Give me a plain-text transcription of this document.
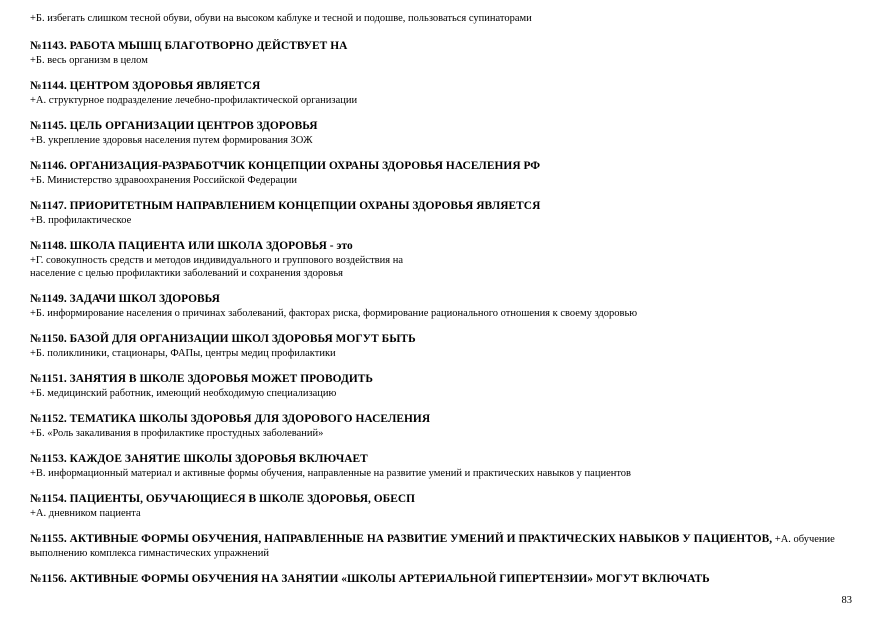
+Б. избегать слишком тесной обуви, обуви на высоком каблуке и тесной и подошве, пользоваться супинаторами
№1143. РАБОТА МЫШЦ БЛАГОТВОРНО ДЕЙСТВУЕТ НА
+Б. весь организм в целом
№1144. ЦЕНТРОМ ЗДОРОВЬЯ ЯВЛЯЕТСЯ
+А. структурное подразделение лечебно-профилактической организации
№1145. ЦЕЛЬ ОРГАНИЗАЦИИ ЦЕНТРОВ ЗДОРОВЬЯ
+В. укрепление здоровья населения путем формирования ЗОЖ
№1146. ОРГАНИЗАЦИЯ-РАЗРАБОТЧИК КОНЦЕПЦИИ ОХРАНЫ ЗДОРОВЬЯ НАСЕЛЕНИЯ РФ
+Б. Министерство здравоохранения Российской Федерации
№1147. ПРИОРИТЕТНЫМ НАПРАВЛЕНИЕМ КОНЦЕПЦИИ ОХРАНЫ ЗДОРОВЬЯ ЯВЛЯЕТСЯ
+В. профилактическое
№1148. ШКОЛА ПАЦИЕНТА ИЛИ ШКОЛА ЗДОРОВЬЯ - это
+Г. совокупность средств и методов индивидуального и группового воздействия на
население с целью профилактики заболеваний и сохранения здоровья
№1149. ЗАДАЧИ ШКОЛ ЗДОРОВЬЯ
+Б. информирование населения о причинах заболеваний, факторах риска, формирование рационального отношения к своему здоровью
№1150. БАЗОЙ ДЛЯ ОРГАНИЗАЦИИ ШКОЛ ЗДОРОВЬЯ МОГУТ БЫТЬ
+Б. поликлиники, стационары, ФАПы, центры медиц профилактики
№1151. ЗАНЯТИЯ В ШКОЛЕ ЗДОРОВЬЯ МОЖЕТ ПРОВОДИТЬ
+Б. медицинский работник, имеющий необходимую специализацию
№1152. ТЕМАТИКА ШКОЛЫ ЗДОРОВЬЯ ДЛЯ ЗДОРОВОГО НАСЕЛЕНИЯ
+Б. «Роль закаливания в профилактике простудных заболеваний»
№1153. КАЖДОЕ ЗАНЯТИЕ ШКОЛЫ ЗДОРОВЬЯ ВКЛЮЧАЕТ
+В. информационный материал и активные формы обучения, направленные на развитие умений и практических навыков у пациентов
№1154. ПАЦИЕНТЫ, ОБУЧАЮЩИЕСЯ В ШКОЛЕ ЗДОРОВЬЯ, ОБЕСП
+А. дневником пациента
№1155. АКТИВНЫЕ ФОРМЫ ОБУЧЕНИЯ, НАПРАВЛЕННЫЕ НА РАЗВИТИЕ УМЕНИЙ И ПРАКТИЧЕСКИХ НАВЫКОВ У ПАЦИЕНТОВ, +А. обучение
выполнению комплекса гимнастических упражнений
№1156. АКТИВНЫЕ ФОРМЫ ОБУЧЕНИЯ НА ЗАНЯТИИ «ШКОЛЫ АРТЕРИАЛЬНОЙ ГИПЕРТЕНЗИИ» МОГУТ ВКЛЮЧАТЬ
83
